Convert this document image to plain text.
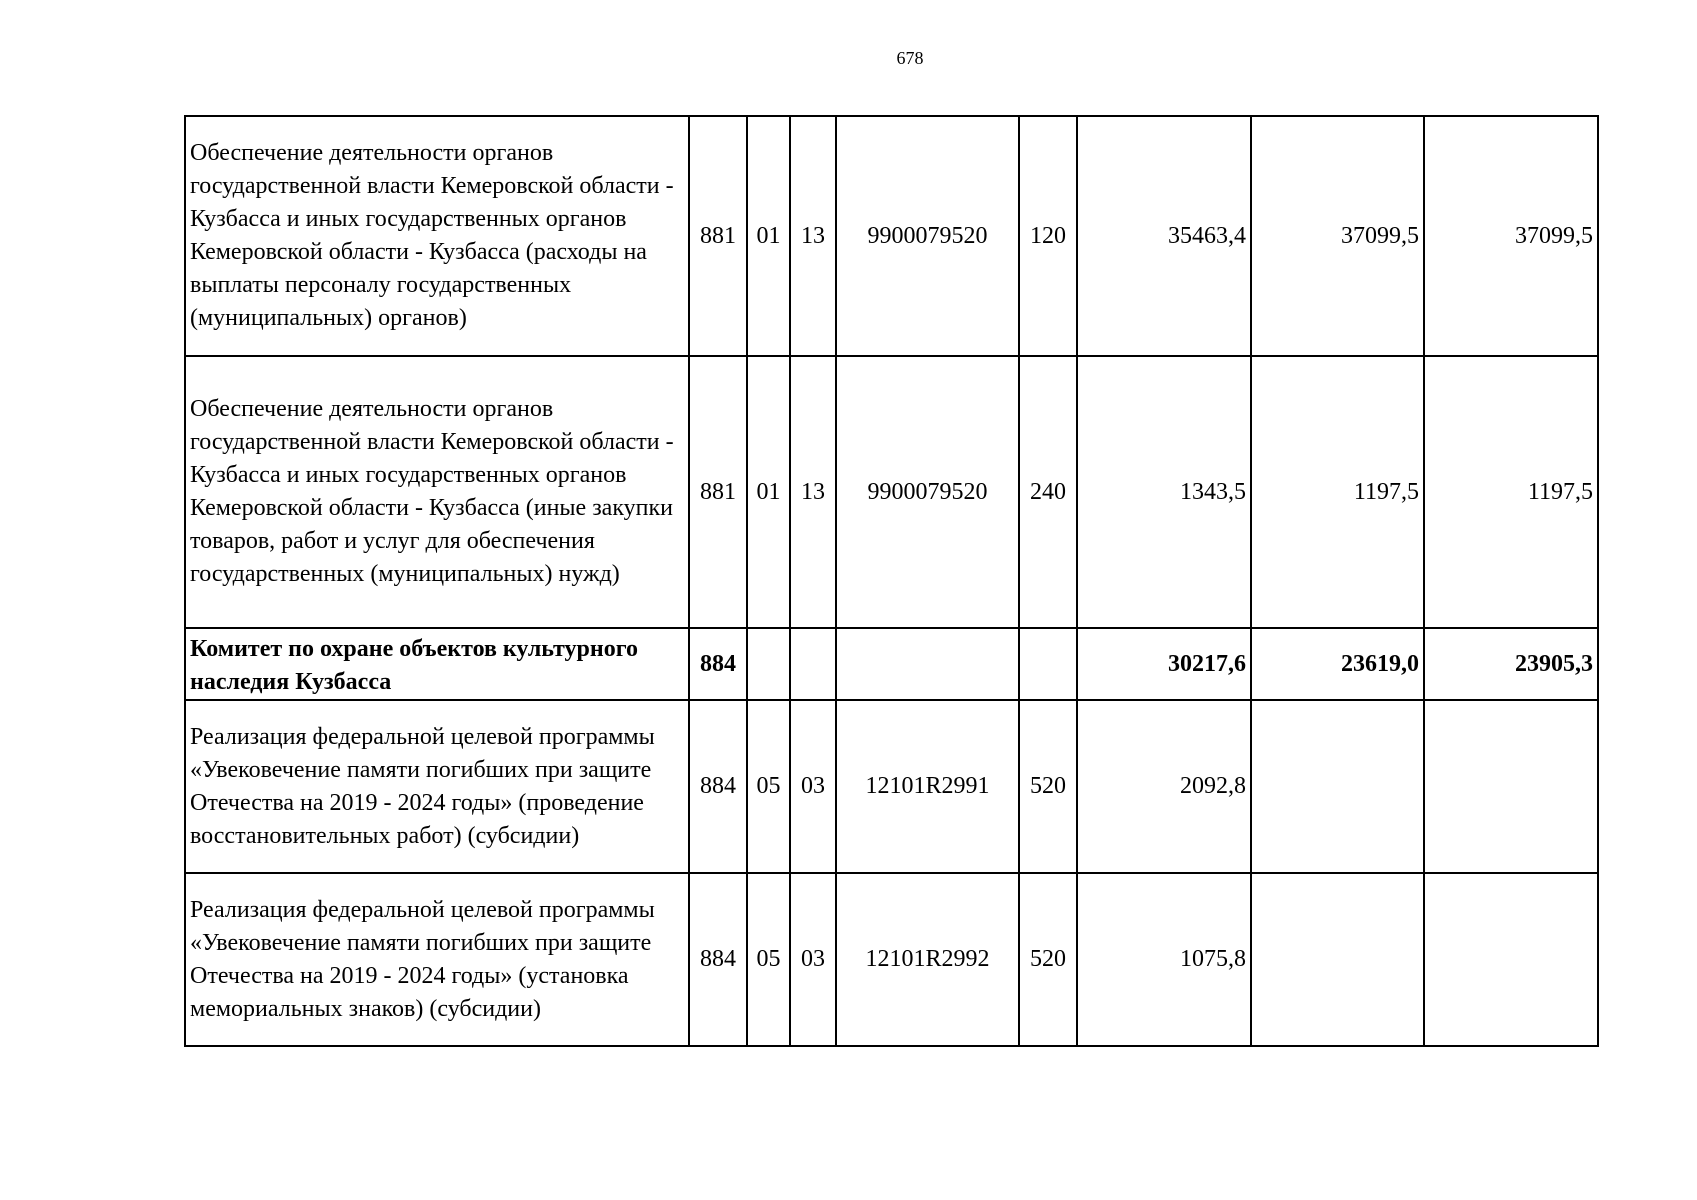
678
Обеспечение деятельности органов государственной власти Кемеровской области - Кузбасса и иных государственных органов Кемеровской области - Кузбасса (расходы на выплаты персоналу государственных (муниципальных) органов)	881	01	13	9900079520	120	35463,4	37099,5	37099,5
Обеспечение деятельности органов государственной власти Кемеровской области - Кузбасса и иных государственных органов Кемеровской области - Кузбасса (иные закупки товаров, работ и услуг для обеспечения государственных (муниципальных) нужд)	881	01	13	9900079520	240	1343,5	1197,5	1197,5
Комитет по охране объектов культурного наследия Кузбасса	884					30217,6	23619,0	23905,3
Реализация федеральной целевой программы «Увековечение памяти погибших при защите Отечества на 2019 - 2024 годы» (проведение восстановительных работ) (субсидии)	884	05	03	12101R2991	520	2092,8		
Реализация федеральной целевой программы «Увековечение памяти погибших при защите Отечества на 2019 - 2024 годы» (установка мемориальных знаков) (субсидии)	884	05	03	12101R2992	520	1075,8		
